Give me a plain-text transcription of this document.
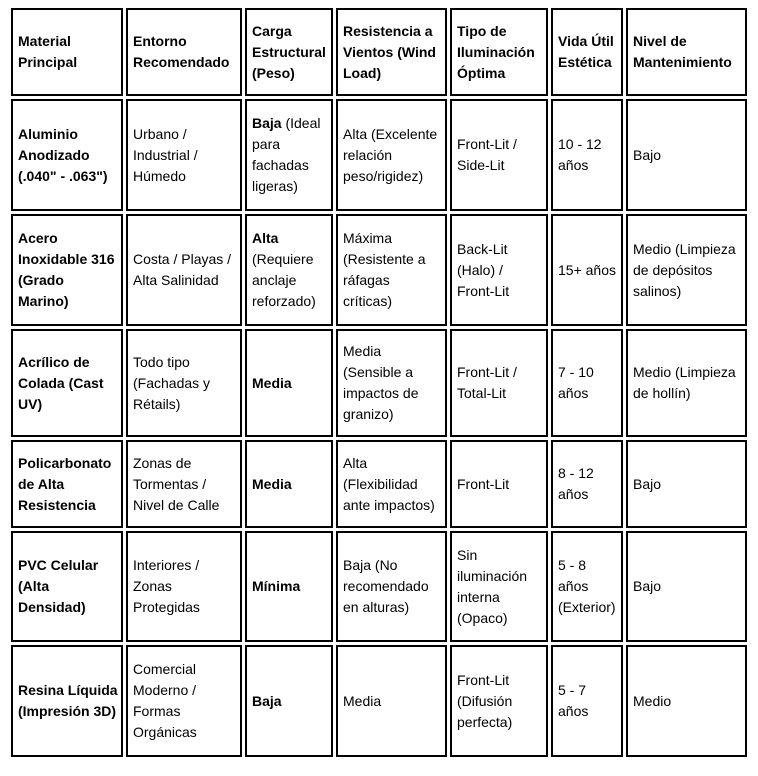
Material Principal	Entorno Recomendado	Carga Estructural (Peso)	Resistencia a Vientos (Wind Load)	Tipo de Iluminación Óptima	Vida Útil Estética	Nivel de Mantenimiento
Aluminio Anodizado (.040" - .063")	Urbano / Industrial / Húmedo	Baja (Ideal para fachadas ligeras)	Alta (Excelente relación peso/rigidez)	Front-Lit / Side-Lit	10 - 12 años	Bajo
Acero Inoxidable 316 (Grado Marino)	Costa / Playas / Alta Salinidad	Alta (Requiere anclaje reforzado)	Máxima (Resistente a ráfagas críticas)	Back-Lit (Halo) / Front-Lit	15+ años	Medio (Limpieza de depósitos salinos)
Acrílico de Colada (Cast UV)	Todo tipo (Fachadas y Rétails)	Media	Media (Sensible a impactos de granizo)	Front-Lit / Total-Lit	7 - 10 años	Medio (Limpieza de hollín)
Policarbonato de Alta Resistencia	Zonas de Tormentas / Nivel de Calle	Media	Alta (Flexibilidad ante impactos)	Front-Lit	8 - 12 años	Bajo
PVC Celular (Alta Densidad)	Interiores / Zonas Protegidas	Mínima	Baja (No recomendado en alturas)	Sin iluminación interna (Opaco)	5 - 8 años (Exterior)	Bajo
Resina Líquida (Impresión 3D)	Comercial Moderno / Formas Orgánicas	Baja	Media	Front-Lit (Difusión perfecta)	5 - 7 años	Medio
